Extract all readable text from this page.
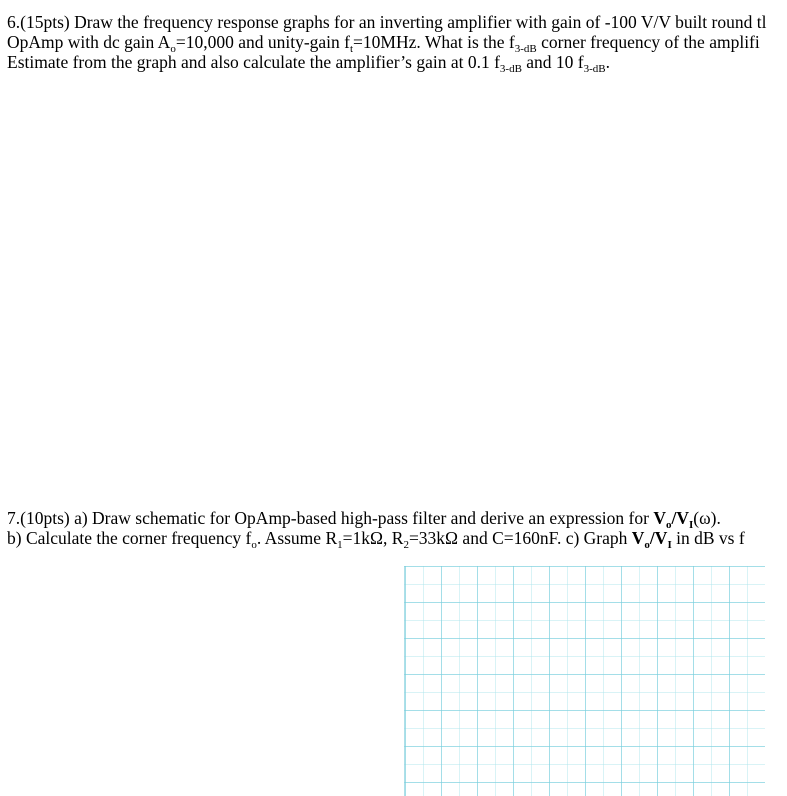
6.(15pts) Draw the frequency response graphs for an inverting amplifier with gain of -100 V/V built round tl
OpAmp with dc gain $A_o=10,000$ and unity-gain $f_t=10MHz$. What is the $f_{3-dB}$ corner frequency of the amplifi
Estimate from the graph and also calculate the amplifier’s gain at 0.1 $f_{3-dB}$ and 10 $f_{3-dB}$.
7.(10pts) a) Draw schematic for OpAmp-based high-pass filter and derive an expression for $V_o/V_I(\omega)$.
b) Calculate the corner frequency $f_o$. Assume $R_1=1k\Omega$, $R_2=33k\Omega$ and C=160nF. c) Graph $V_o/V_I$ in dB vs f
